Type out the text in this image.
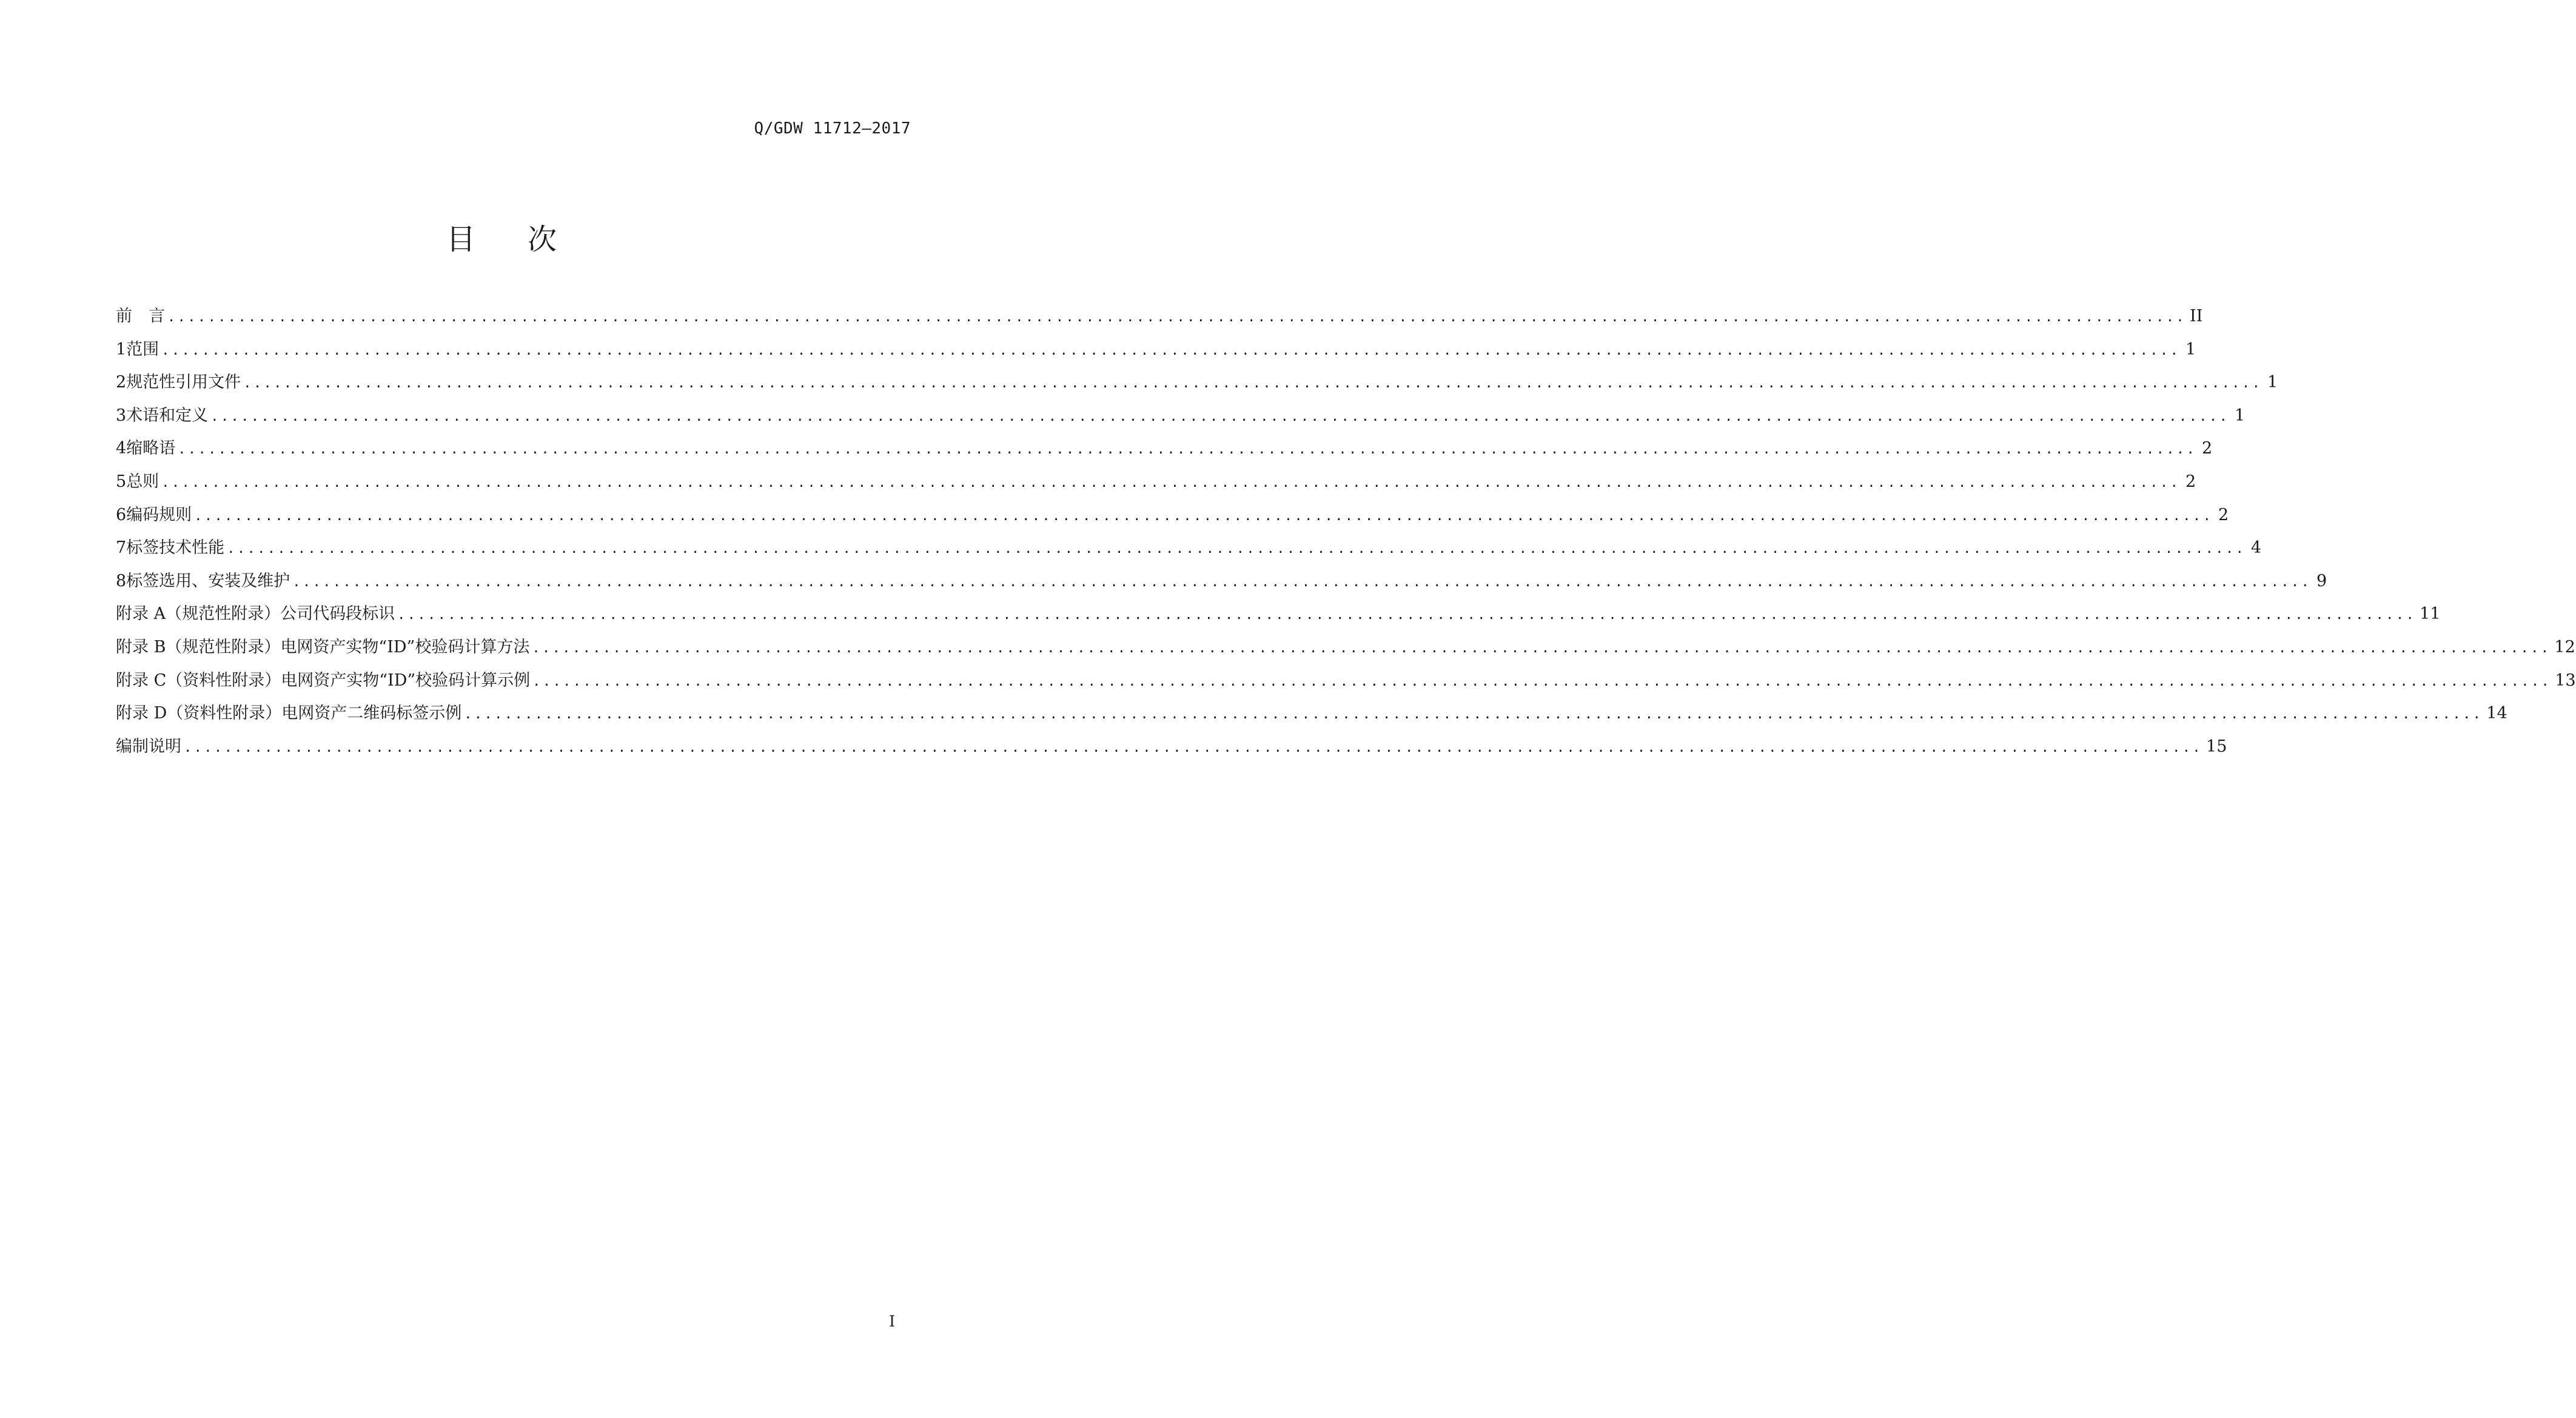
Q/GDW 11712—2017
目 次
前　言 ........................................................................................................................................................................................................ II
1 范围 ........................................................................................................................................................................................................ 1
2 规范性引用文件 ........................................................................................................................................................................................................ 1
3 术语和定义 ........................................................................................................................................................................................................ 1
4 缩略语 ........................................................................................................................................................................................................ 2
5 总则 ........................................................................................................................................................................................................ 2
6 编码规则 ........................................................................................................................................................................................................ 2
7 标签技术性能 ........................................................................................................................................................................................................ 4
8 标签选用、安装及维护 ........................................................................................................................................................................................................ 9
附录 A（规范性附录） 公司代码段标识 ........................................................................................................................................................................................................ 11
附录 B（规范性附录） 电网资产实物“ID”校验码计算方法 ........................................................................................................................................................................................................ 12
附录 C（资料性附录） 电网资产实物“ID”校验码计算示例 ........................................................................................................................................................................................................ 13
附录 D（资料性附录） 电网资产二维码标签示例 ........................................................................................................................................................................................................ 14
编制说明 ........................................................................................................................................................................................................ 15
I
